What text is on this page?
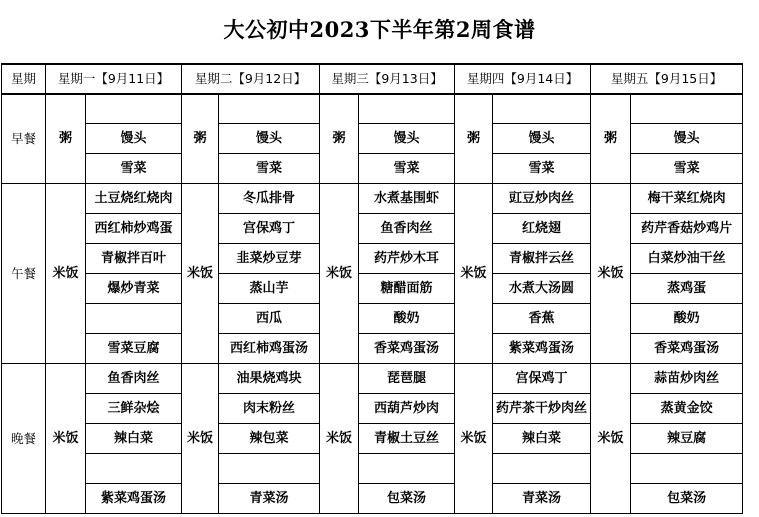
大公初中2023下半年第2周食谱
星期	星期一【9月11日】		星期二【9月12日】		星期三【9月13日】		星期四【9月14日】		星期五【9月15日】	
早餐	粥		粥		粥		粥		粥	
		馒头		馒头		馒头		馒头		馒头
		雪菜		雪菜		雪菜		雪菜		雪菜
午餐	米饭	土豆烧红烧肉	米饭	冬瓜排骨	米饭	水煮基围虾	米饭	豇豆炒肉丝	米饭	梅干菜红烧肉
		西红柿炒鸡蛋		宫保鸡丁		鱼香肉丝		红烧翅		药芹香菇炒鸡片
		青椒拌百叶		韭菜炒豆芽		药芹炒木耳		青椒拌云丝		白菜炒油干丝
		爆炒青菜		蒸山芋		糖醋面筋		水煮大汤圆		蒸鸡蛋
				西瓜		酸奶		香蕉		酸奶
		雪菜豆腐		西红柿鸡蛋汤		香菜鸡蛋汤		紫菜鸡蛋汤		香菜鸡蛋汤
晚餐	米饭	鱼香肉丝	米饭	油果烧鸡块	米饭	琵琶腿	米饭	宫保鸡丁	米饭	蒜苗炒肉丝
		三鲜杂烩		肉末粉丝		西葫芦炒肉		药芹茶干炒肉丝		蒸黄金饺
		辣白菜		辣包菜		青椒土豆丝		辣白菜		辣豆腐

		紫菜鸡蛋汤		青菜汤		包菜汤		青菜汤		包菜汤
